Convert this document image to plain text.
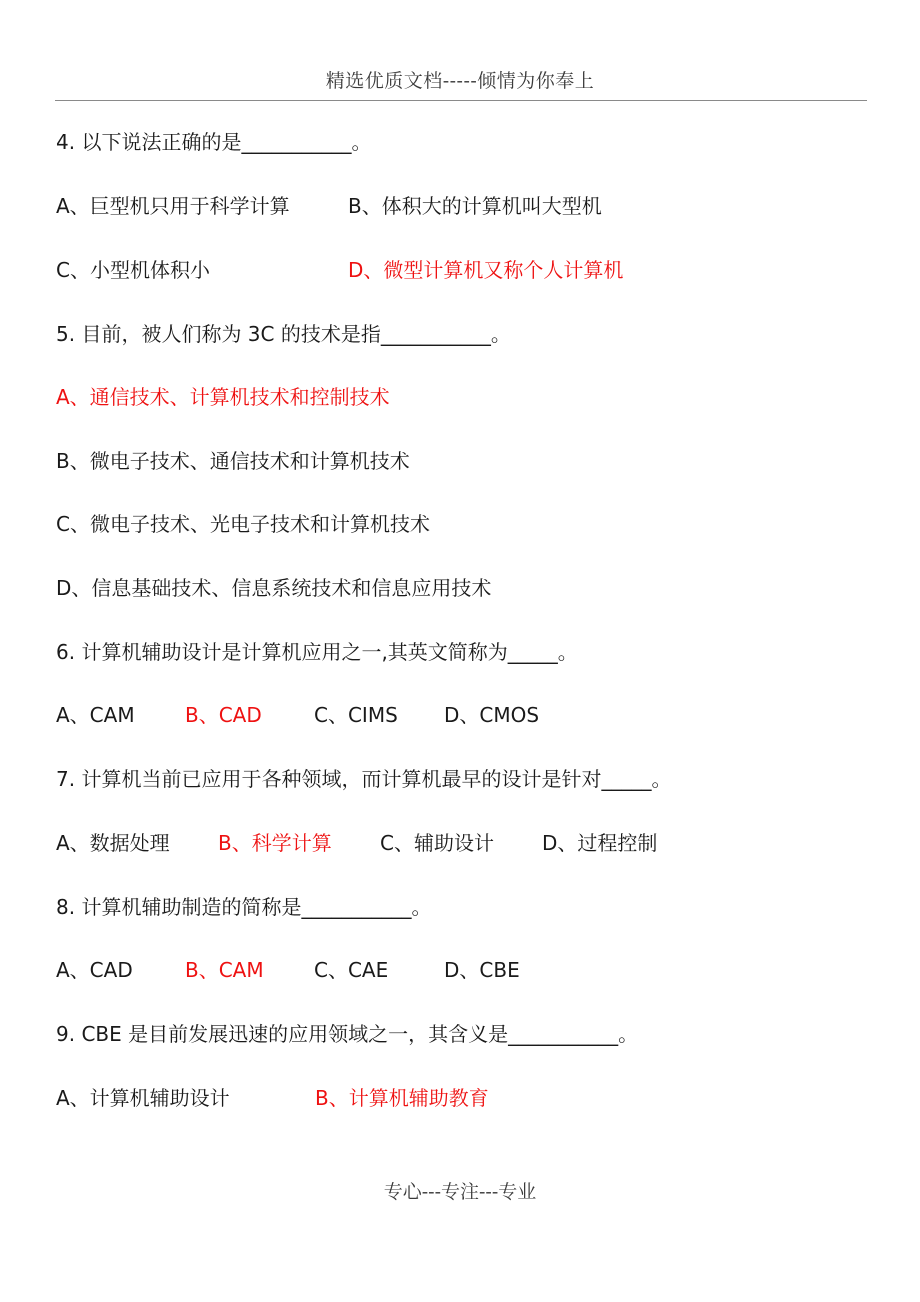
精选优质文档-----倾情为你奉上
4. 以下说法正确的是___________。
A、巨型机只用于科学计算	B、体积大的计算机叫大型机
C、小型机体积小	D、微型计算机又称个人计算机
5. 目前，被人们称为 3C 的技术是指___________。
A、通信技术、计算机技术和控制技术
B、微电子技术、通信技术和计算机技术
C、微电子技术、光电子技术和计算机技术
D、信息基础技术、信息系统技术和信息应用技术
6. 计算机辅助设计是计算机应用之一,其英文简称为_____。
A、CAM	B、CAD	C、CIMS D、CMOS
7. 计算机当前已应用于各种领域，而计算机最早的设计是针对_____。
A、数据处理 B、科学计算 C、辅助设计 D、过程控制
8. 计算机辅助制造的简称是___________。
A、CAD	B、CAM	C、CAE	D、CBE
9. CBE 是目前发展迅速的应用领域之一，其含义是___________。
A、计算机辅助设计	B、计算机辅助教育
专心---专注---专业
